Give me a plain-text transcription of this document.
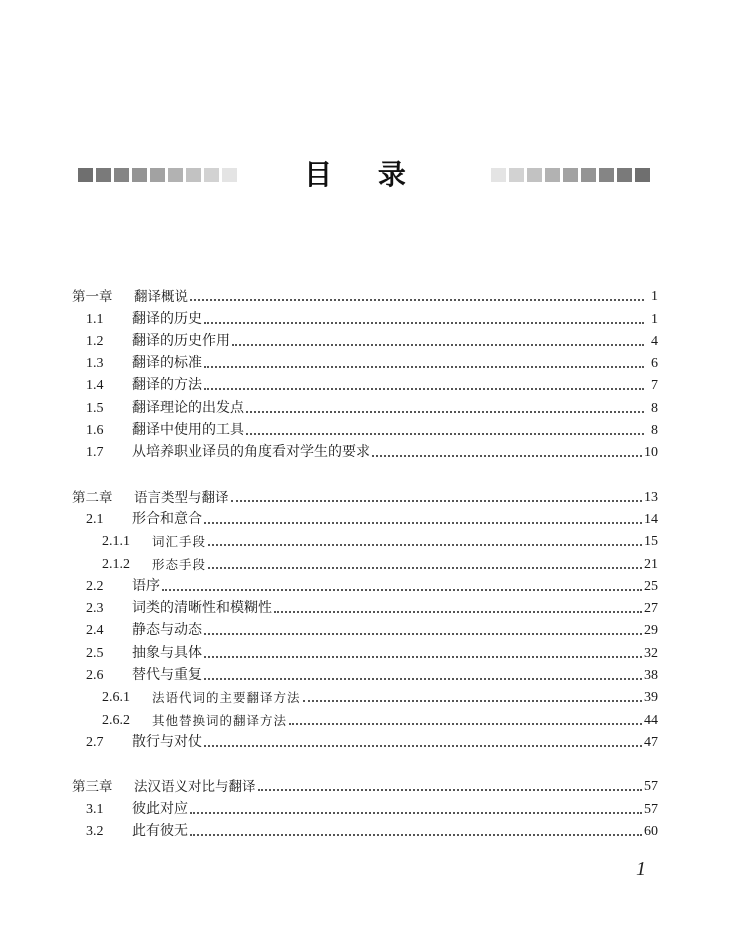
目 录
第一章	翻译概说	1
1.1	翻译的历史	1
1.2	翻译的历史作用	4
1.3	翻译的标准	6
1.4	翻译的方法	7
1.5	翻译理论的出发点	8
1.6	翻译中使用的工具	8
1.7	从培养职业译员的角度看对学生的要求	10
第二章	语言类型与翻译	13
2.1	形合和意合	14
2.1.1	词汇手段	15
2.1.2	形态手段	21
2.2	语序	25
2.3	词类的清晰性和模糊性	27
2.4	静态与动态	29
2.5	抽象与具体	32
2.6	替代与重复	38
2.6.1	法语代词的主要翻译方法	39
2.6.2	其他替换词的翻译方法	44
2.7	散行与对仗	47
第三章	法汉语义对比与翻译	57
3.1	彼此对应	57
3.2	此有彼无	60
1
